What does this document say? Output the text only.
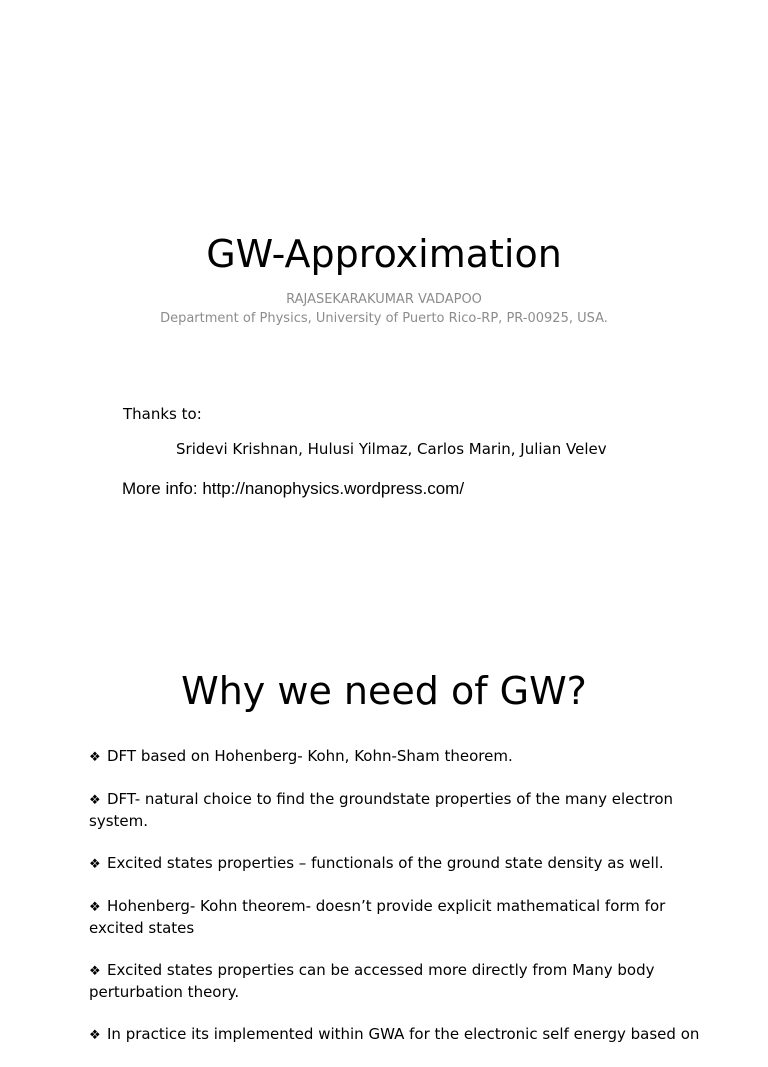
GW-Approximation
RAJASEKARAKUMAR VADAPOO
Department of Physics, University of Puerto Rico-RP, PR-00925, USA.
Thanks to:
Sridevi Krishnan, Hulusi Yilmaz, Carlos Marin, Julian Velev
More info: http://nanophysics.wordpress.com/
Why we need of GW?
❖ DFT based on Hohenberg- Kohn, Kohn-Sham theorem.
❖ DFT- natural choice to find the groundstate properties of the many electron system.
❖ Excited states properties – functionals of the ground state density as well.
❖ Hohenberg- Kohn theorem- doesn’t provide explicit mathematical form for excited states
❖ Excited states properties can be accessed more directly from Many body perturbation theory.
❖ In practice its implemented within GWA for the electronic self energy based on
